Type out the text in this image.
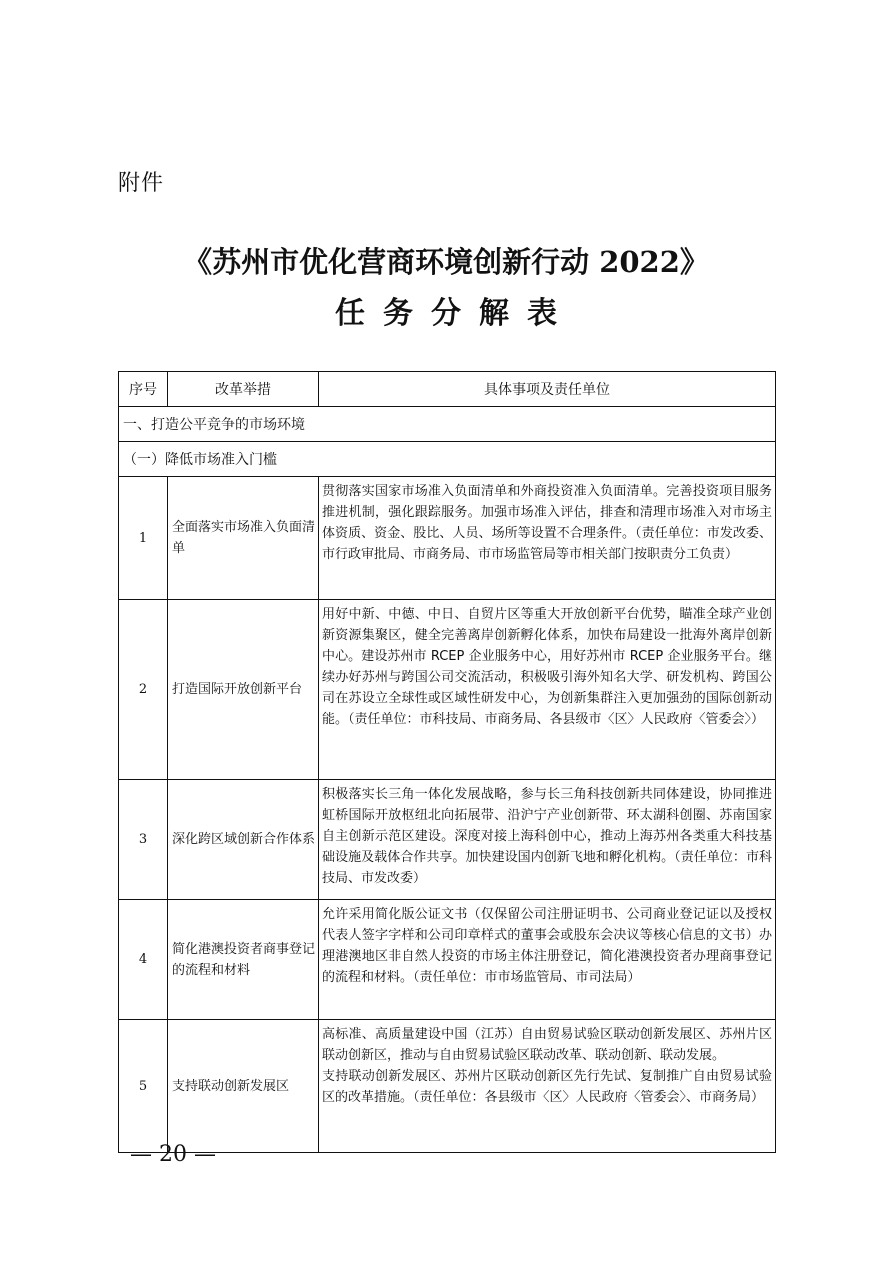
附件
《苏州市优化营商环境创新行动 2022》
任务分解表
序号	改革举措	具体事项及责任单位
一、打造公平竞争的市场环境		
（一）降低市场准入门槛		
1	全面落实市场准入负面清单	贯彻落实国家市场准入负面清单和外商投资准入负面清单。完善投资项目服务推进机制，强化跟踪服务。加强市场准入评估，排查和清理市场准入对市场主体资质、资金、股比、人员、场所等设置不合理条件。（责任单位：市发改委、市行政审批局、市商务局、市市场监管局等市相关部门按职责分工负责）

2	打造国际开放创新平台	用好中新、中德、中日、自贸片区等重大开放创新平台优势，瞄准全球产业创新资源集聚区，健全完善离岸创新孵化体系，加快布局建设一批海外离岸创新中心。建设苏州市 RCEP 企业服务中心，用好苏州市 RCEP 企业服务平台。继续办好苏州与跨国公司交流活动，积极吸引海外知名大学、研发机构、跨国公司在苏设立全球性或区域性研发中心，为创新集群注入更加强劲的国际创新动能。（责任单位：市科技局、市商务局、各县级市〈区〉人民政府〈管委会〉）

3	深化跨区域创新合作体系	积极落实长三角一体化发展战略，参与长三角科技创新共同体建设，协同推进虹桥国际开放枢纽北向拓展带、沿沪宁产业创新带、环太湖科创圈、苏南国家自主创新示范区建设。深度对接上海科创中心，推动上海苏州各类重大科技基础设施及载体合作共享。加快建设国内创新飞地和孵化机构。（责任单位：市科技局、市发改委）

4	简化港澳投资者商事登记的流程和材料	允许采用简化版公证文书（仅保留公司注册证明书、公司商业登记证以及授权代表人签字字样和公司印章样式的董事会或股东会决议等核心信息的文书）办理港澳地区非自然人投资的市场主体注册登记，简化港澳投资者办理商事登记的流程和材料。（责任单位：市市场监管局、市司法局）

5	支持联动创新发展区	高标准、高质量建设中国（江苏）自由贸易试验区联动创新发展区、苏州片区联动创新区，推动与自由贸易试验区联动改革、联动创新、联动发展。
支持联动创新发展区、苏州片区联动创新区先行先试、复制推广自由贸易试验区的改革措施。（责任单位：各县级市〈区〉人民政府〈管委会〉、市商务局）
— 20 —
